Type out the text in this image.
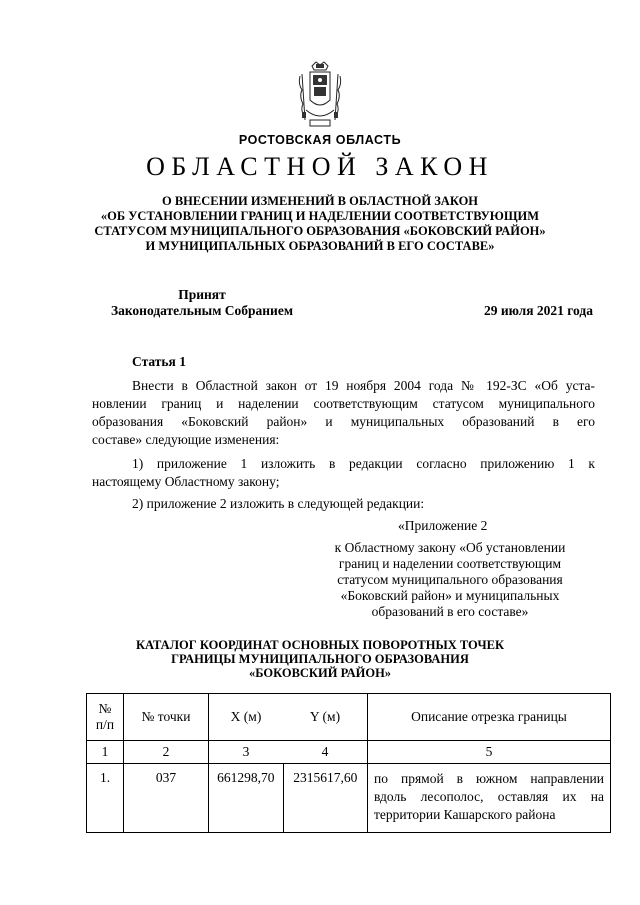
РОСТОВСКАЯ ОБЛАСТЬ
ОБЛАСТНОЙ ЗАКОН
О ВНЕСЕНИИ ИЗМЕНЕНИЙ В ОБЛАСТНОЙ ЗАКОН
«ОБ УСТАНОВЛЕНИИ ГРАНИЦ И НАДЕЛЕНИИ СООТВЕТСТВУЮЩИМ
СТАТУСОМ МУНИЦИПАЛЬНОГО ОБРАЗОВАНИЯ «БОКОВСКИЙ РАЙОН»
И МУНИЦИПАЛЬНЫХ ОБРАЗОВАНИЙ В ЕГО СОСТАВЕ»
Принят
Законодательным Собранием	29 июля 2021 года
Статья 1
Внести в Областной закон от 19 ноября 2004 года № 192-ЗС «Об уста-
новлении границ и наделении соответствующим статусом муниципального
образования «Боковский район» и муниципальных образований в его
составе» следующие изменения:
1) приложение 1 изложить в редакции согласно приложению 1 к
настоящему Областному закону;
2) приложение 2 изложить в следующей редакции:
«Приложение 2
к Областному закону «Об установлении
границ и наделении соответствующим
статусом муниципального образования
«Боковский район» и муниципальных
образований в его составе»
КАТАЛОГ КООРДИНАТ ОСНОВНЫХ ПОВОРОТНЫХ ТОЧЕК
ГРАНИЦЫ МУНИЦИПАЛЬНОГО ОБРАЗОВАНИЯ
«БОКОВСКИЙ РАЙОН»
№
п/п	№ точки	X (м)	Y (м)	Описание отрезка границы
1	2	3	4	5
1.	037	661298,70	2315617,60	по прямой в южном направлении
вдоль лесополос, оставляя их на
территории Кашарского района
